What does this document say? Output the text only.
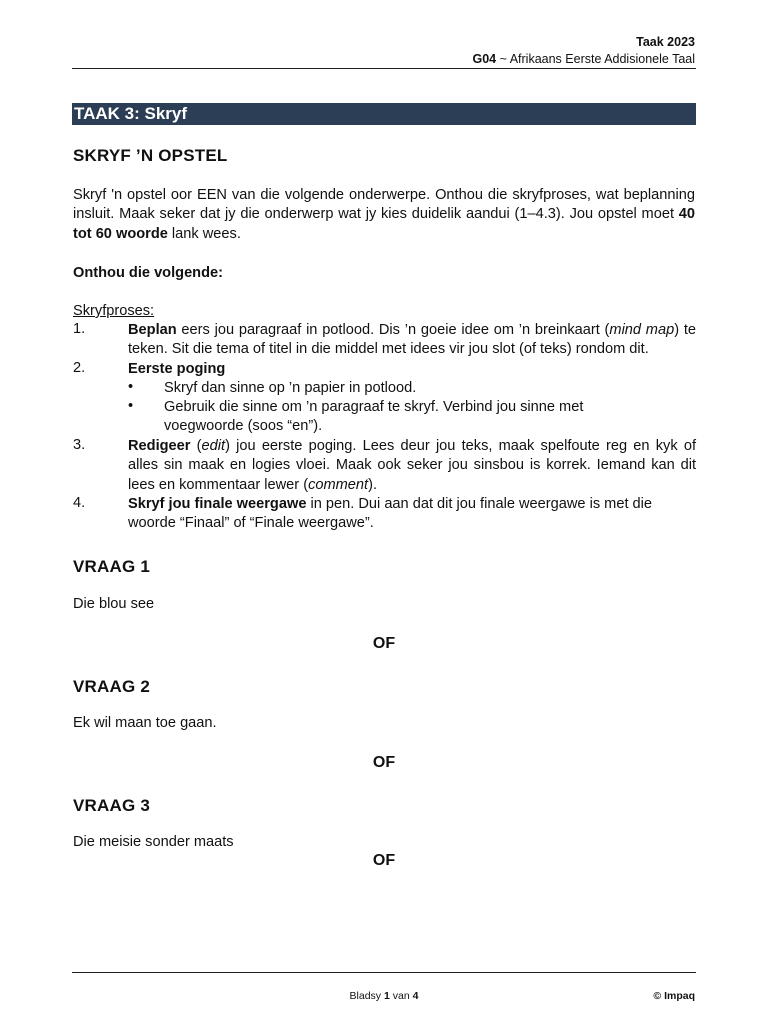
Taak 2023
G04 ~ Afrikaans Eerste Addisionele Taal
TAAK 3: Skryf
SKRYF ’N OPSTEL
Skryf 'n opstel oor EEN van die volgende onderwerpe. Onthou die skryfproses, wat beplanning insluit. Maak seker dat jy die onderwerp wat jy kies duidelik aandui (1–4.3). Jou opstel moet 40 tot 60 woorde lank wees.
Onthou die volgende:
Skryfproses:
1.	Beplan eers jou paragraaf in potlood. Dis ’n goeie idee om ’n breinkaart (mind map) te teken. Sit die tema of titel in die middel met idees vir jou slot (of teks) rondom dit.
2.	Eerste poging
• Skryf dan sinne op ’n papier in potlood.
• Gebruik die sinne om ’n paragraaf te skryf. Verbind jou sinne met voegwoorde (soos “en”).
3.	Redigeer (edit) jou eerste poging. Lees deur jou teks, maak spelfoute reg en kyk of alles sin maak en logies vloei. Maak ook seker jou sinsbou is korrek. Iemand kan dit lees en kommentaar lewer (comment).
4.	Skryf jou finale weergawe in pen. Dui aan dat dit jou finale weergawe is met die woorde “Finaal” of “Finale weergawe”.
VRAAG 1
Die blou see
OF
VRAAG 2
Ek wil maan toe gaan.
OF
VRAAG 3
Die meisie sonder maats
OF
Bladsy 1 van 4	© Impaq
